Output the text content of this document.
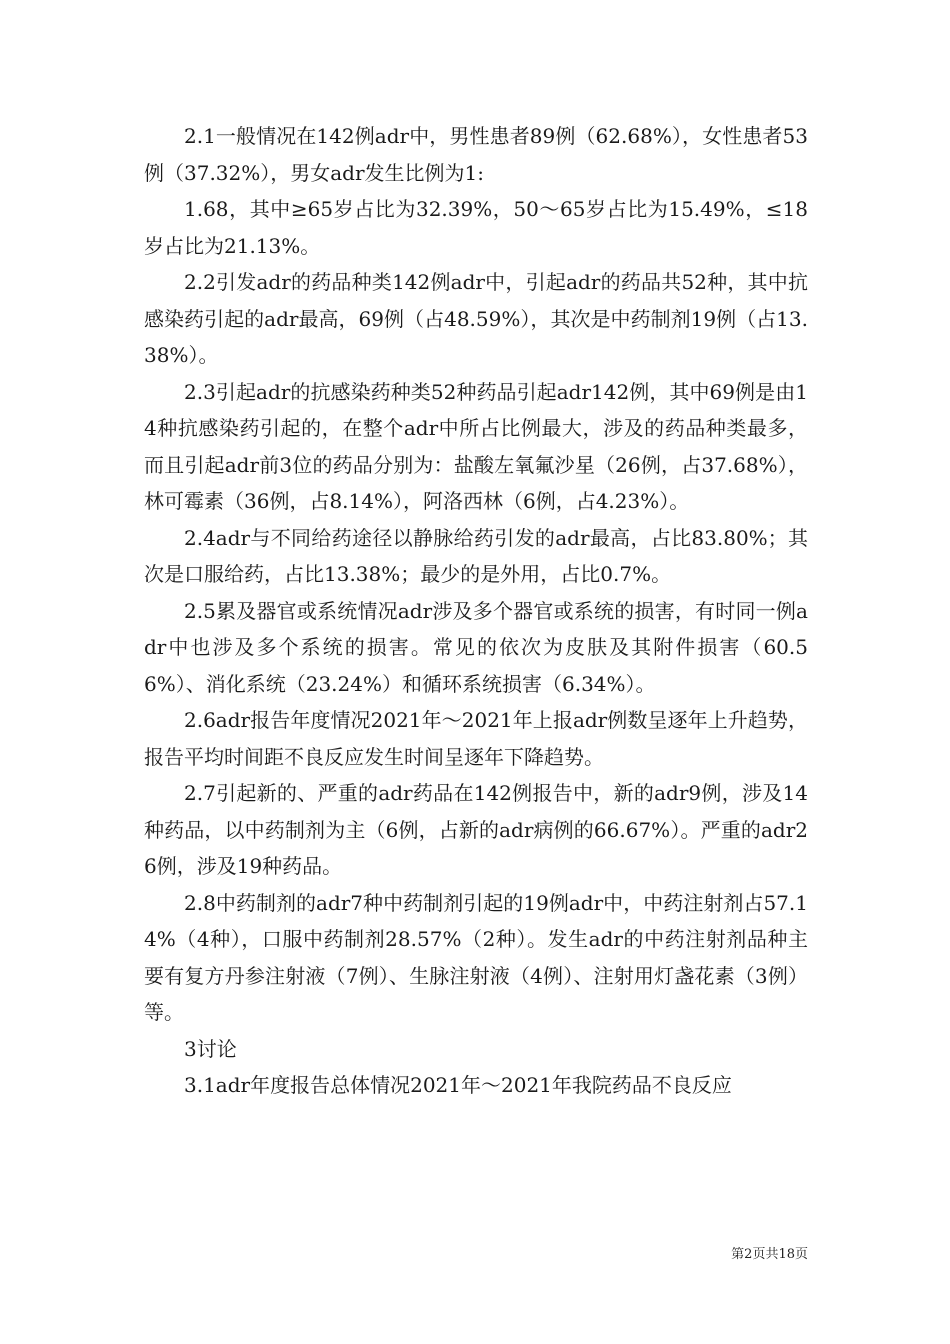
2.1一般情况在142例adr中，男性患者89例（62.68%），女性患者53例（37.32%），男女adr发生比例为1:

1.68，其中≥65岁占比为32.39%，50～65岁占比为15.49%，≤18岁占比为21.13%。

2.2引发adr的药品种类142例adr中，引起adr的药品共52种，其中抗感染药引起的adr最高，69例（占48.59%），其次是中药制剂19例（占13.38%）。

2.3引起adr的抗感染药种类52种药品引起adr142例，其中69例是由14种抗感染药引起的，在整个adr中所占比例最大，涉及的药品种类最多，而且引起adr前3位的药品分别为：盐酸左氧氟沙星（26例，占37.68%），林可霉素（36例，占8.14%），阿洛西林（6例，占4.23%）。

2.4adr与不同给药途径以静脉给药引发的adr最高，占比83.80%；其次是口服给药，占比13.38%；最少的是外用，占比0.7%。

2.5累及器官或系统情况adr涉及多个器官或系统的损害，有时同一例adr中也涉及多个系统的损害。常见的依次为皮肤及其附件损害（60.56%）、消化系统（23.24%）和循环系统损害（6.34%）。

2.6adr报告年度情况2021年～2021年上报adr例数呈逐年上升趋势，报告平均时间距不良反应发生时间呈逐年下降趋势。

2.7引起新的、严重的adr药品在142例报告中，新的adr9例，涉及14种药品，以中药制剂为主（6例，占新的adr病例的66.67%）。严重的adr26例，涉及19种药品。

2.8中药制剂的adr7种中药制剂引起的19例adr中，中药注射剂占57.14%（4种），口服中药制剂28.57%（2种）。发生adr的中药注射剂品种主要有复方丹参注射液（7例）、生脉注射液（4例）、注射用灯盏花素（3例）等。

3讨论

3.1adr年度报告总体情况2021年～2021年我院药品不良反应

第2页共18页
